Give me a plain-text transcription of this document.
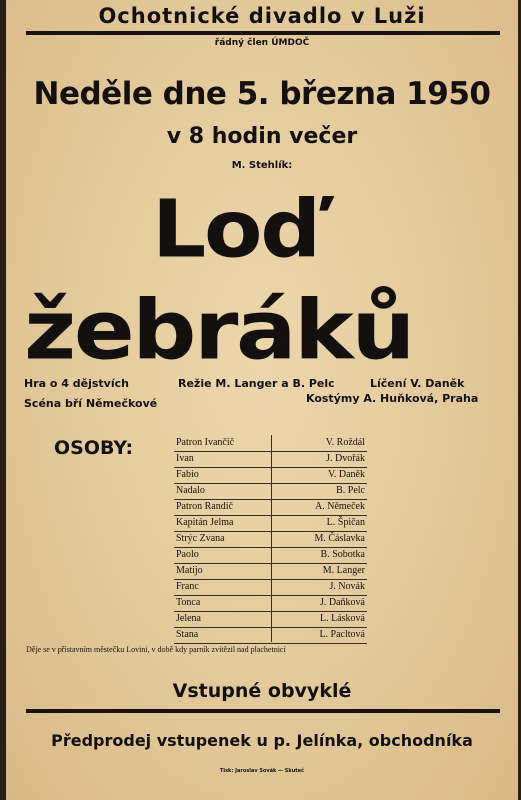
Ochotnické divadlo v Luži
řádný člen ÚMDOČ
Neděle dne 5. března 1950
v 8 hodin večer
M. Stehlík:
Loď
žebráků
Hra o 4 dějstvích	Režie M. Langer a B. Pelc	Líčení V. Daněk
Scéna bří Němečkové	Kostýmy A. Huňková, Praha
OSOBY:	Patron Ivančič	V. Roždál
Ivan	J. Dvořák
Fabio	V. Daněk
Nadalo	B. Pelc
Patron Randič	A. Němeček
Kapitán Jelma	L. Špičan
Strýc Zvana	M. Čáslavka
Paolo	B. Sobotka
Matijo	M. Langer
Franc	J. Novák
Tonca	J. Daňková
Jelena	L. Lásková
Stana	L. Pacltová
Děje se v přístavním městečku Lovini, v době kdy parník zvítězil nad plachetnicí
Vstupné obvyklé
Předprodej vstupenek u p. Jelínka, obchodníka
Tisk: Jaroslav Sovák — Skuteč
